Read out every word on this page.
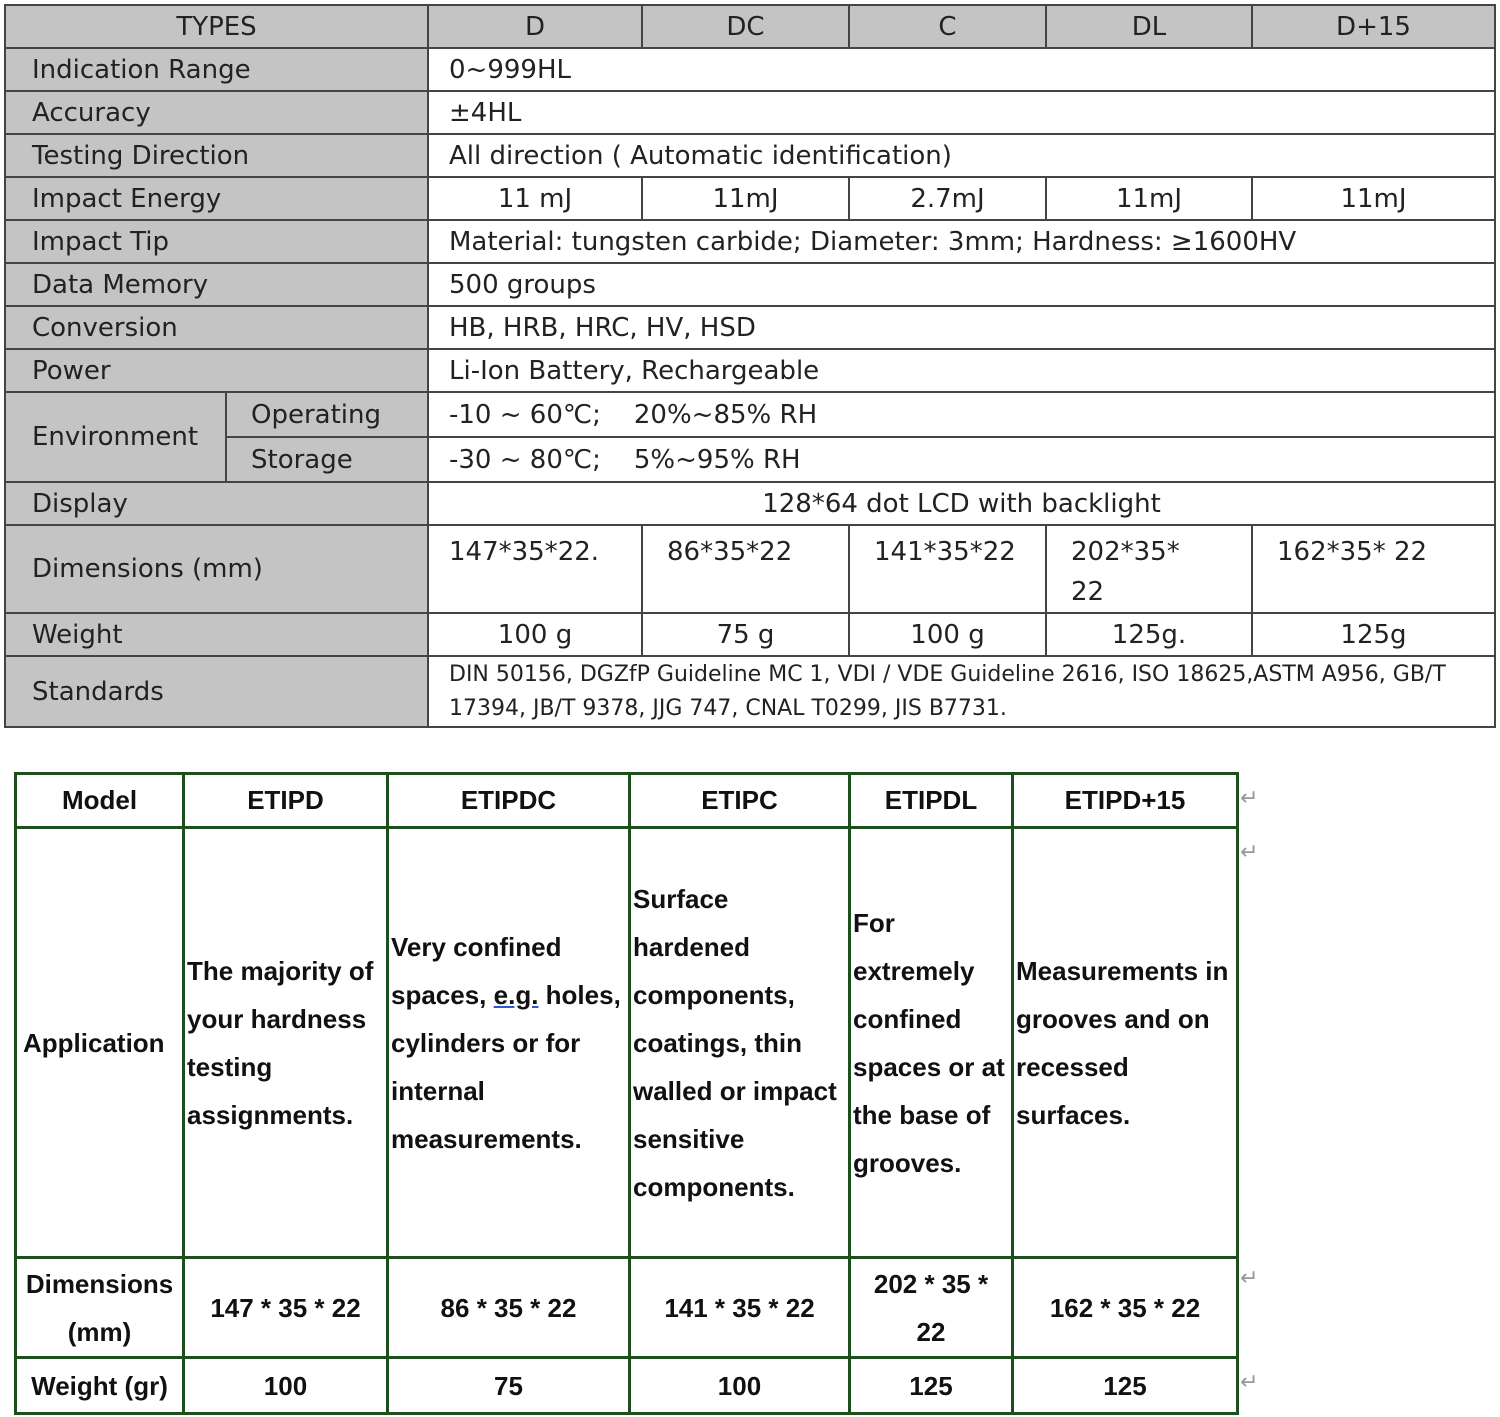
TYPES		D	DC	C	DL	D+15
Indication Range		0~999HL				
Accuracy		±4HL				
Testing Direction		All direction ( Automatic identification)				
Impact Energy		11 mJ	11mJ	2.7mJ	11mJ	11mJ
Impact Tip		Material: tungsten carbide; Diameter: 3mm; Hardness: ≥1600HV				
Data Memory		500 groups				
Conversion		HB, HRB, HRC, HV, HSD				
Power		Li-Ion Battery, Rechargeable				
Environment	Operating	-10 ~ 60℃;    20%~85% RH				
	Storage	-30 ~ 80℃;    5%~95% RH				
Display		128*64 dot LCD with backlight				
Dimensions (mm)		147*35*22.	86*35*22	141*35*22	202*35* 22	162*35* 22
Weight		100 g	75 g	100 g	125g.	125g
Standards		DIN 50156, DGZfP Guideline MC 1, VDI / VDE Guideline 2616, ISO 18625,ASTM A956, GB/T 17394, JB/T 9378, JJG 747, CNAL T0299, JIS B7731.				
Model	ETIPD	ETIPDC	ETIPC	ETIPDL	ETIPD+15
Application	The majority of your hardness testing assignments.	Very confined spaces, e.g. holes, cylinders or for internal measurements.	Surface hardened components, coatings, thin walled or impact sensitive components.	For extremely confined spaces or at the base of grooves.	Measurements in grooves and on recessed surfaces.
Dimensions (mm)	147 * 35 * 22	86 * 35 * 22	141 * 35 * 22	202 * 35 * 22	162 * 35 * 22
Weight (gr)	100	75	100	125	125
↵
↵
↵
↵
